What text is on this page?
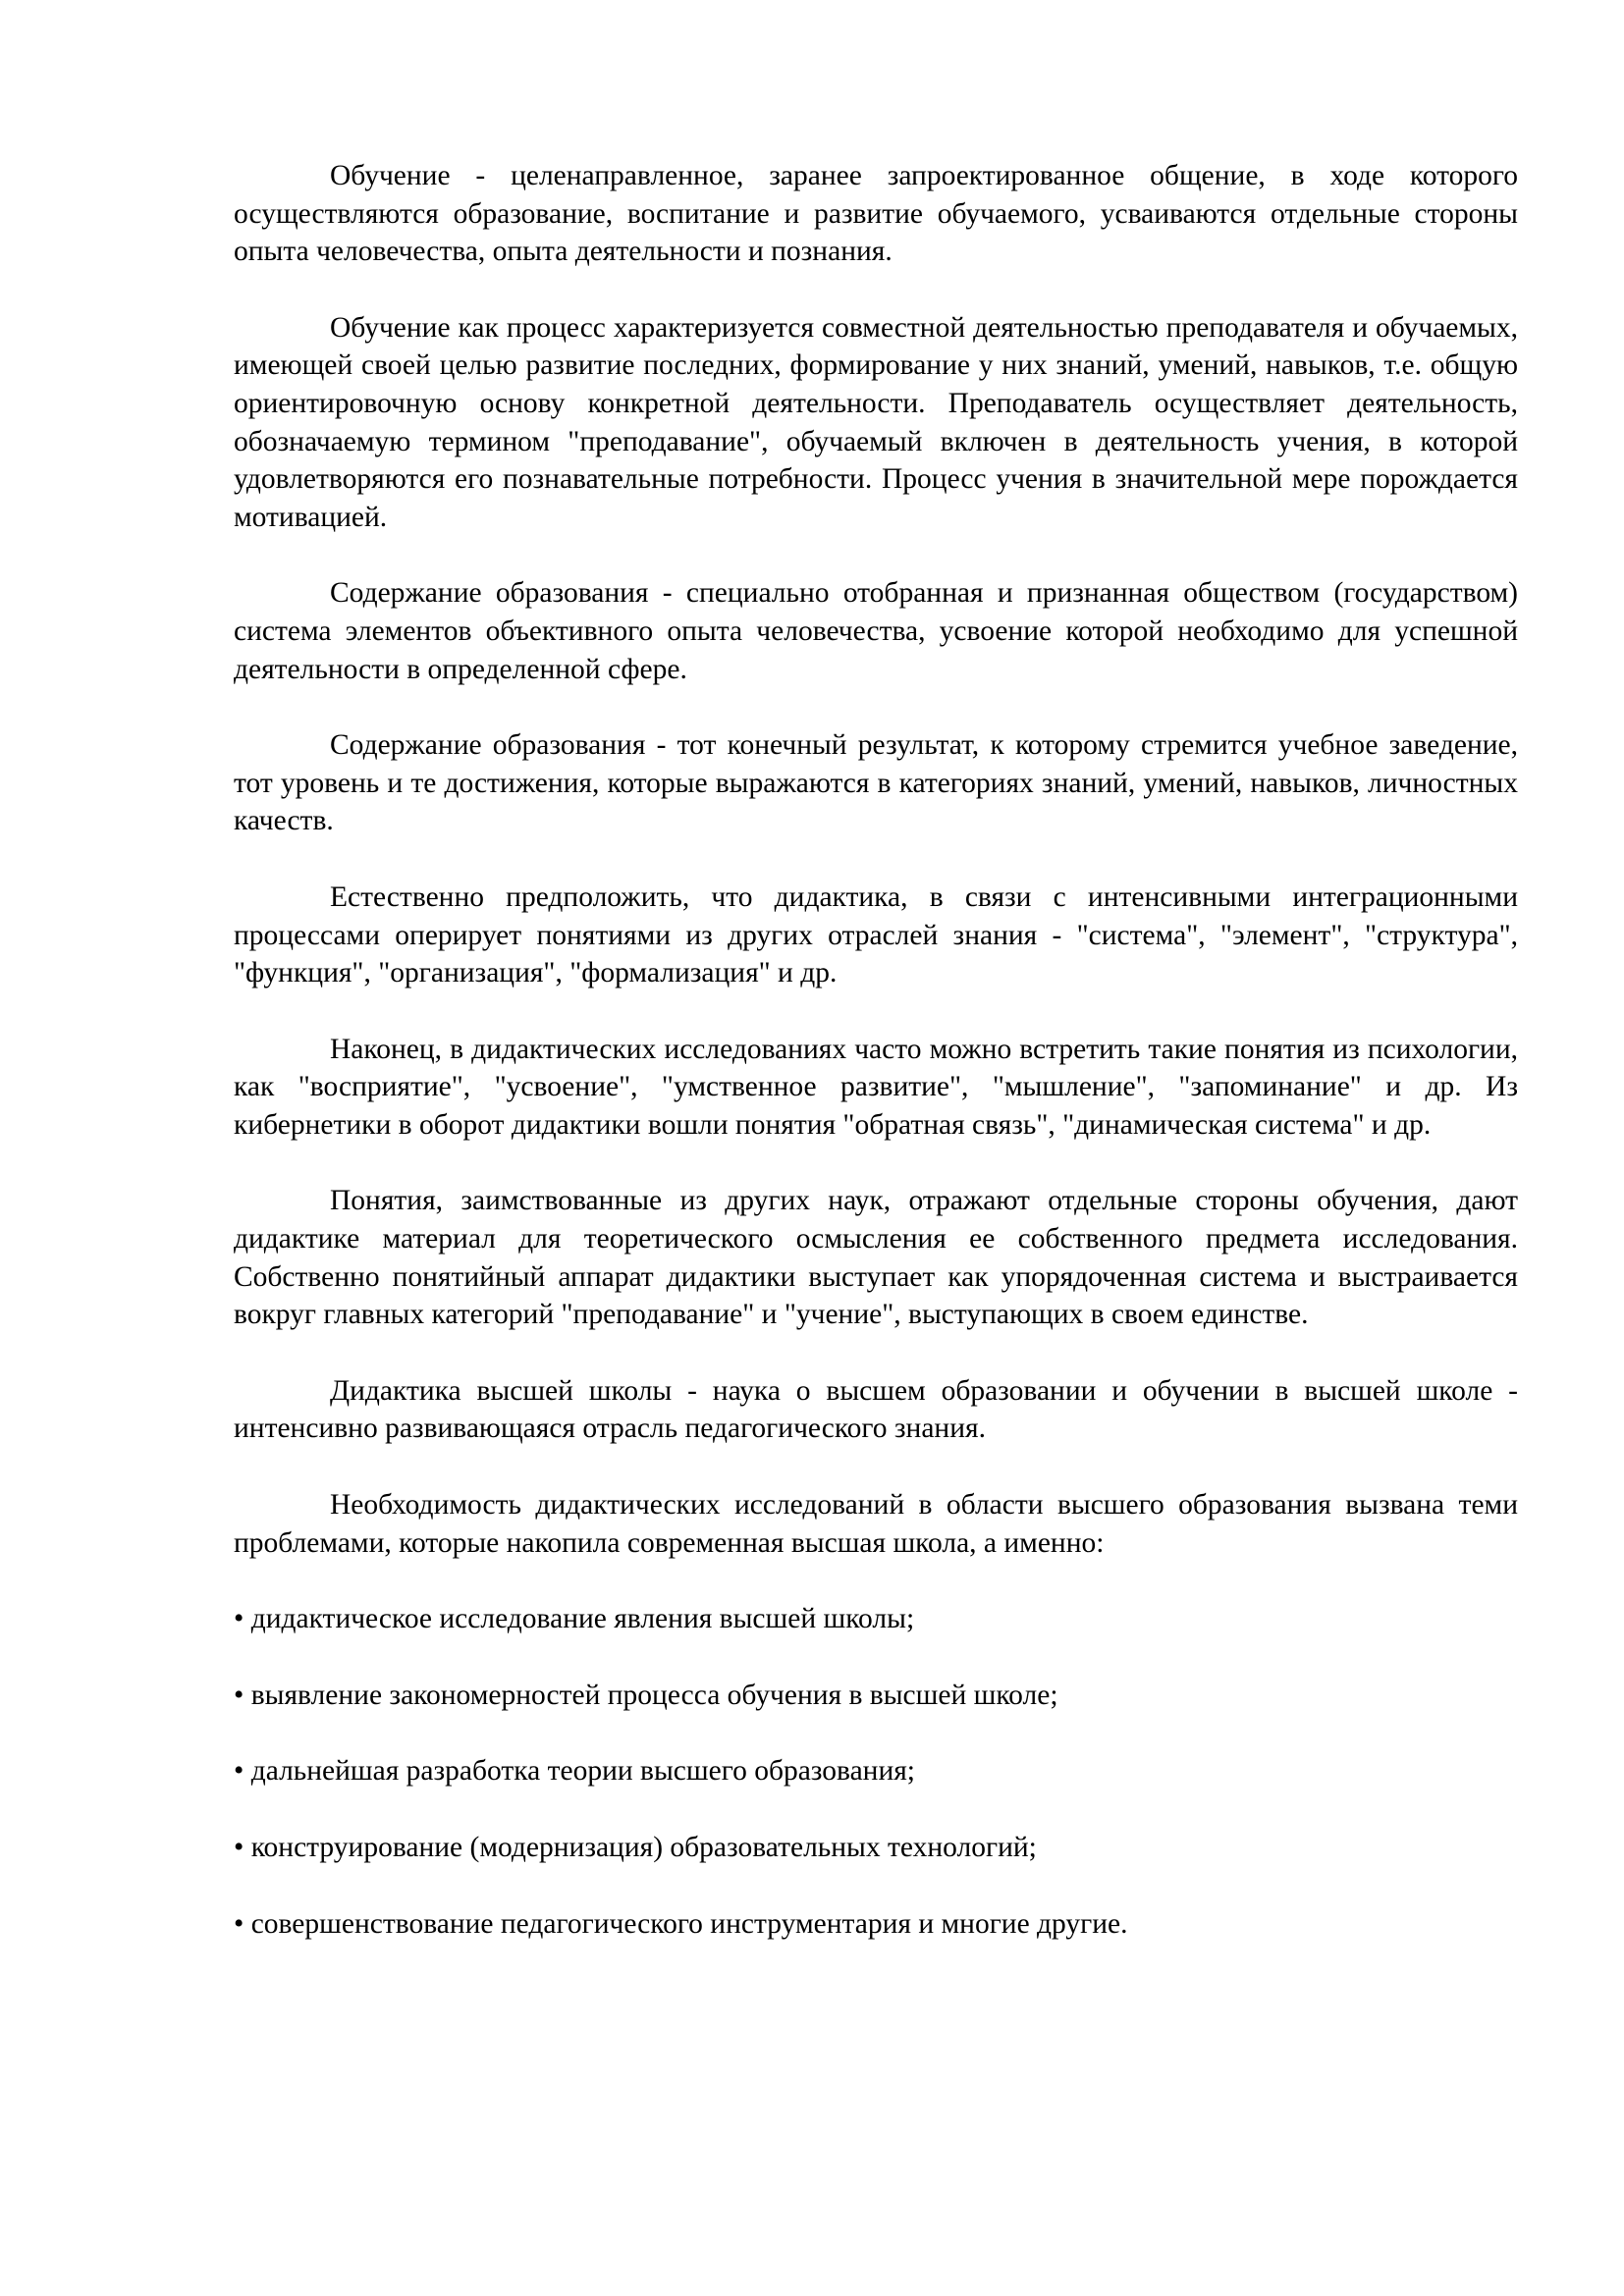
Обучение - целенаправленное, заранее запроектированное общение, в ходе которого осуществляются образование, воспитание и развитие обучаемого, усваиваются отдельные стороны опыта человечества, опыта деятельности и познания.

Обучение как процесс характеризуется совместной деятельностью преподавателя и обучаемых, имеющей своей целью развитие последних, формирование у них знаний, умений, навыков, т.е. общую ориентировочную основу конкретной деятельности. Преподаватель осуществляет деятельность, обозначаемую термином "преподавание", обучаемый включен в деятельность учения, в которой удовлетворяются его познавательные потребности. Процесс учения в значительной мере порождается мотивацией.

Содержание образования - специально отобранная и признанная обществом (государством) система элементов объективного опыта человечества, усвоение которой необходимо для успешной деятельности в определенной сфере.

Содержание образования - тот конечный результат, к которому стремится учебное заведение, тот уровень и те достижения, которые выражаются в категориях знаний, умений, навыков, личностных качеств.

Естественно предположить, что дидактика, в связи с интенсивными интеграционными процессами оперирует понятиями из других отраслей знания - "система", "элемент", "структура", "функция", "организация", "формализация" и др.

Наконец, в дидактических исследованиях часто можно встретить такие понятия из психологии, как "восприятие", "усвоение", "умственное развитие", "мышление", "запоминание" и др. Из кибернетики в оборот дидактики вошли понятия "обратная связь", "динамическая система" и др.

Понятия, заимствованные из других наук, отражают отдельные стороны обучения, дают дидактике материал для теоретического осмысления ее собственного предмета исследования. Собственно понятийный аппарат дидактики выступает как упорядоченная система и выстраивается вокруг главных категорий "преподавание" и "учение", выступающих в своем единстве.

Дидактика высшей школы - наука о высшем образовании и обучении в высшей школе - интенсивно развивающаяся отрасль педагогического знания.

Необходимость дидактических исследований в области высшего образования вызвана теми проблемами, которые накопила современная высшая школа, а именно:

• дидактическое исследование явления высшей школы;
• выявление закономерностей процесса обучения в высшей школе;
• дальнейшая разработка теории высшего образования;
• конструирование (модернизация) образовательных технологий;
• совершенствование педагогического инструментария и многие другие.
